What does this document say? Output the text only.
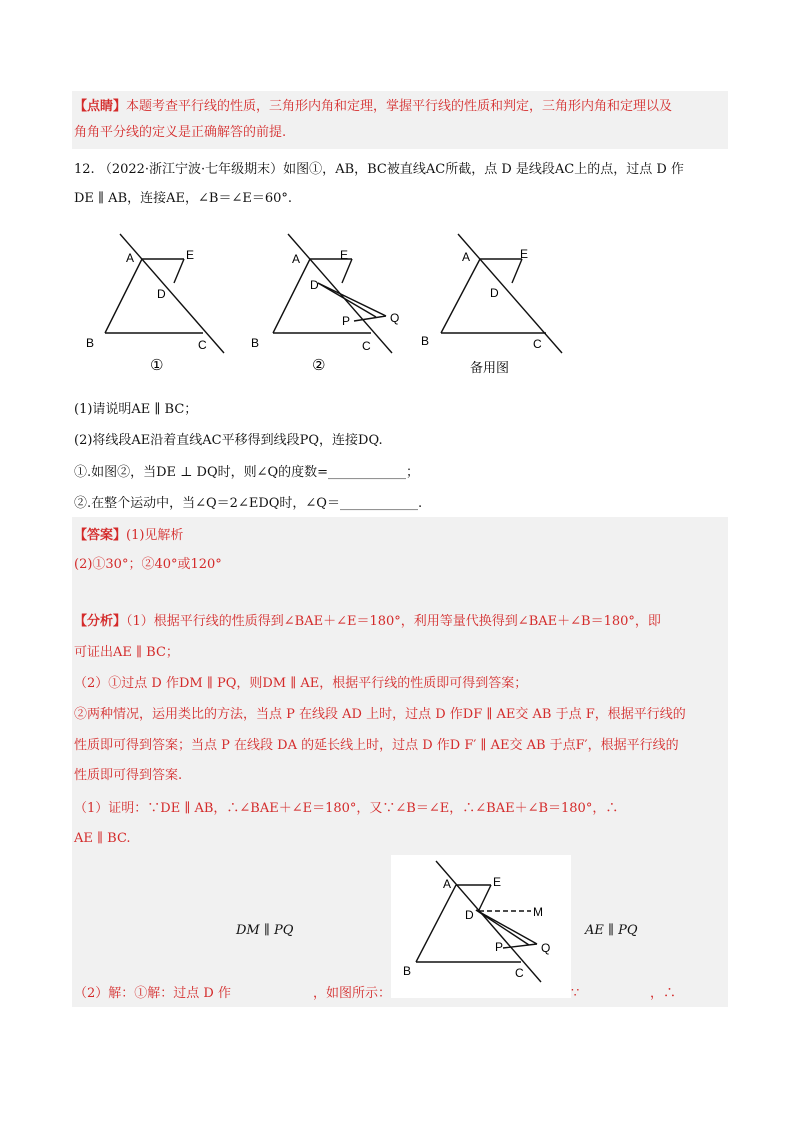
【点睛】本题考查平行线的性质，三角形内角和定理，掌握平行线的性质和判定，三角形内角和定理以及
角角平分线的定义是正确解答的前提.
12. （2022·浙江宁波·七年级期末）如图①，AB，BC被直线AC所截，点 D 是线段AC上的点，过点 D 作
DE ∥ AB，连接AE，∠B＝∠E＝60°.
A	E
D
B	C
①
A	E
D
P	Q
B	C
②
A	E
D
B	C
备用图
(1)请说明AE ∥ BC；
(2)将线段AE沿着直线AC平移得到线段PQ，连接DQ.
①.如图②，当DE ⊥ DQ时，则∠Q的度数=____________；
②.在整个运动中，当∠Q＝2∠EDQ时，∠Q＝____________.
【答案】(1)见解析
(2)①30°；②40°或120°
【分析】（1）根据平行线的性质得到∠BAE＋∠E＝180°，利用等量代换得到∠BAE＋∠B＝180°，即
可证出AE ∥ BC；
（2）①过点 D 作DM ∥ PQ，则DM ∥ AE，根据平行线的性质即可得到答案；
②两种情况，运用类比的方法，当点 P 在线段 AD 上时，过点 D 作DF ∥ AE交 AB 于点 F，根据平行线的
性质即可得到答案；当点 P 在线段 DA 的延长线上时，过点 D 作D F′ ∥ AE交 AB 于点F′，根据平行线的
性质即可得到答案.
（1）证明：∵DE ∥ AB，∴∠BAE＋∠E＝180°，又∵∠B＝∠E，∴∠BAE＋∠B＝180°，∴
AE ∥ BC.
A	E
D	M
P	Q
B	C
DM ∥ PQ	AE ∥ PQ
（2）解：①解：过点 D 作	，如图所示：	∵	，∴
